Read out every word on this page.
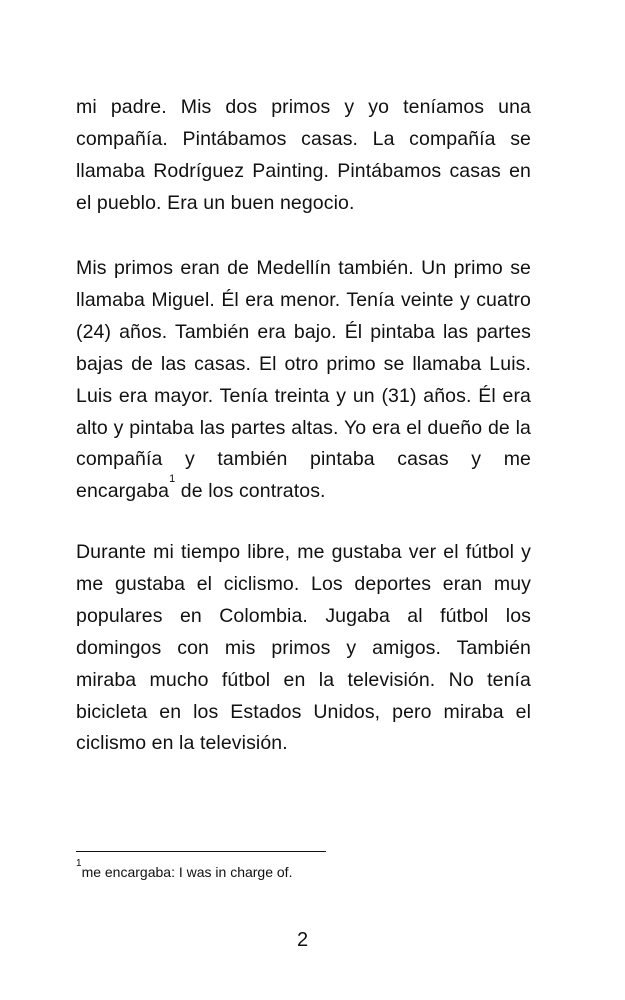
mi padre. Mis dos primos y yo teníamos una compañía. Pintábamos casas. La compañía se llamaba Rodríguez Painting. Pintábamos casas en el pueblo. Era un buen negocio.

Mis primos eran de Medellín también. Un primo se llamaba Miguel. Él era menor. Tenía veinte y cuatro (24) años. También era bajo. Él pintaba las partes bajas de las casas. El otro primo se llamaba Luis. Luis era mayor. Tenía treinta y un (31) años. Él era alto y pintaba las partes altas. Yo era el dueño de la compañía y también pintaba casas y me encargaba$^1$ de los contratos.

Durante mi tiempo libre, me gustaba ver el fútbol y me gustaba el ciclismo. Los deportes eran muy populares en Colombia. Jugaba al fútbol los domingos con mis primos y amigos. También miraba mucho fútbol en la televisión. No tenía bicicleta en los Estados Unidos, pero miraba el ciclismo en la televisión.

$^1$me encargaba: I was in charge of.

2
